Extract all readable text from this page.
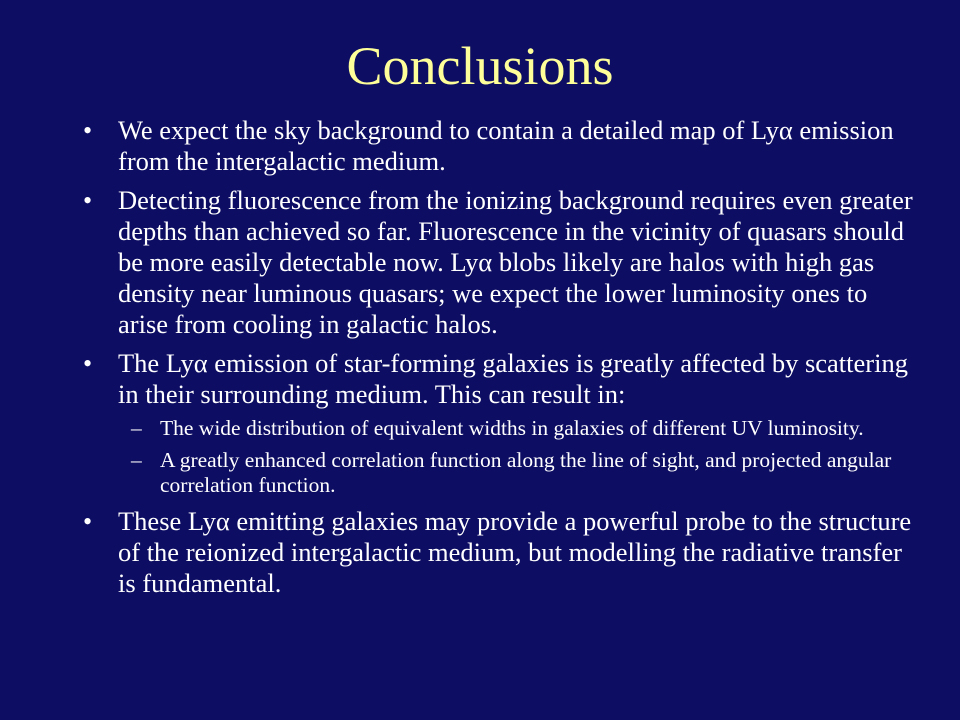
Conclusions
• We expect the sky background to contain a detailed map of Lyα emission from the intergalactic medium.
• Detecting fluorescence from the ionizing background requires even greater depths than achieved so far. Fluorescence in the vicinity of quasars should be more easily detectable now. Lyα blobs likely are halos with high gas density near luminous quasars; we expect the lower luminosity ones to arise from cooling in galactic halos.
• The Lyα emission of star-forming galaxies is greatly affected by scattering in their surrounding medium. This can result in:
– The wide distribution of equivalent widths in galaxies of different UV luminosity.
– A greatly enhanced correlation function along the line of sight, and projected angular correlation function.
• These Lyα emitting galaxies may provide a powerful probe to the structure of the reionized intergalactic medium, but modelling the radiative transfer is fundamental.
